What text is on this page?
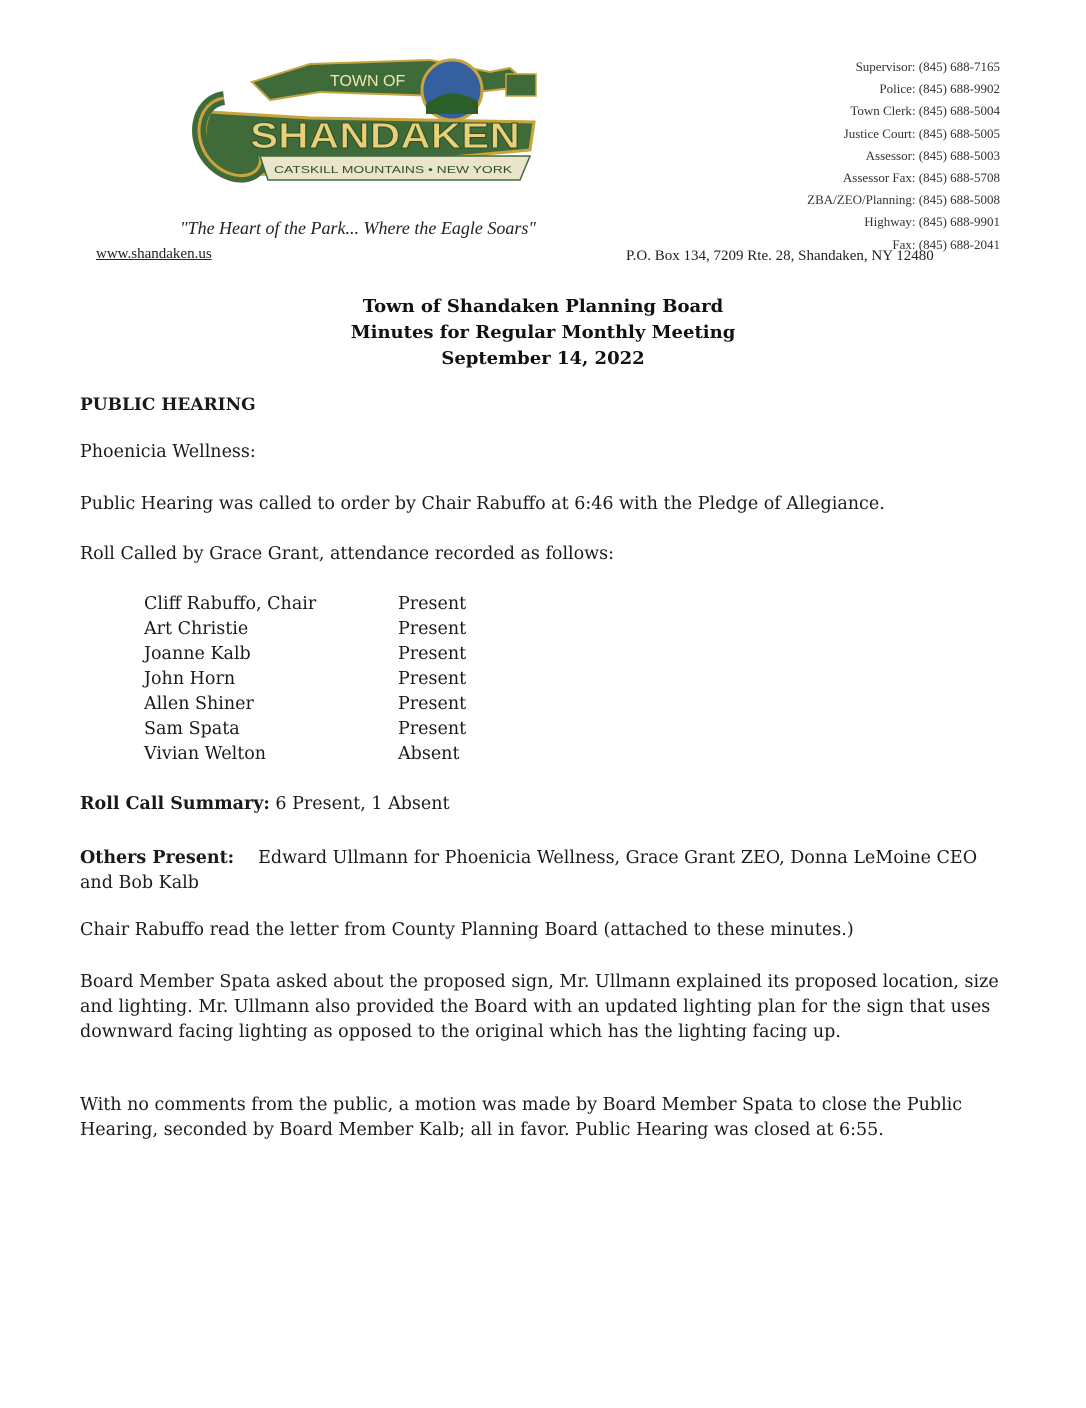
TOWN OF
SHANDAKEN
CATSKILL MOUNTAINS • NEW YORK
"The Heart of the Park... Where the Eagle Soars"
www.shandaken.us
Supervisor: (845) 688-7165
Police: (845) 688-9902
Town Clerk: (845) 688-5004
Justice Court: (845) 688-5005
Assessor: (845) 688-5003
Assessor Fax: (845) 688-5708
ZBA/ZEO/Planning: (845) 688-5008
Highway: (845) 688-9901
Fax: (845) 688-2041
P.O. Box 134, 7209 Rte. 28, Shandaken, NY 12480
Town of Shandaken Planning Board
Minutes for Regular Monthly Meeting
September 14, 2022
PUBLIC HEARING
Phoenicia Wellness:
Public Hearing was called to order by Chair Rabuffo at 6:46 with the Pledge of Allegiance.
Roll Called by Grace Grant, attendance recorded as follows:
Cliff Rabuffo, Chair	Present
Art Christie	Present
Joanne Kalb	Present
John Horn	Present
Allen Shiner	Present
Sam Spata	Present
Vivian Welton	Absent
Roll Call Summary: 6 Present, 1 Absent
Others Present: Edward Ullmann for Phoenicia Wellness, Grace Grant ZEO, Donna LeMoine CEO and Bob Kalb
Chair Rabuffo read the letter from County Planning Board (attached to these minutes.)
Board Member Spata asked about the proposed sign, Mr. Ullmann explained its proposed location, size and lighting. Mr. Ullmann also provided the Board with an updated lighting plan for the sign that uses downward facing lighting as opposed to the original which has the lighting facing up.
With no comments from the public, a motion was made by Board Member Spata to close the Public Hearing, seconded by Board Member Kalb; all in favor. Public Hearing was closed at 6:55.
